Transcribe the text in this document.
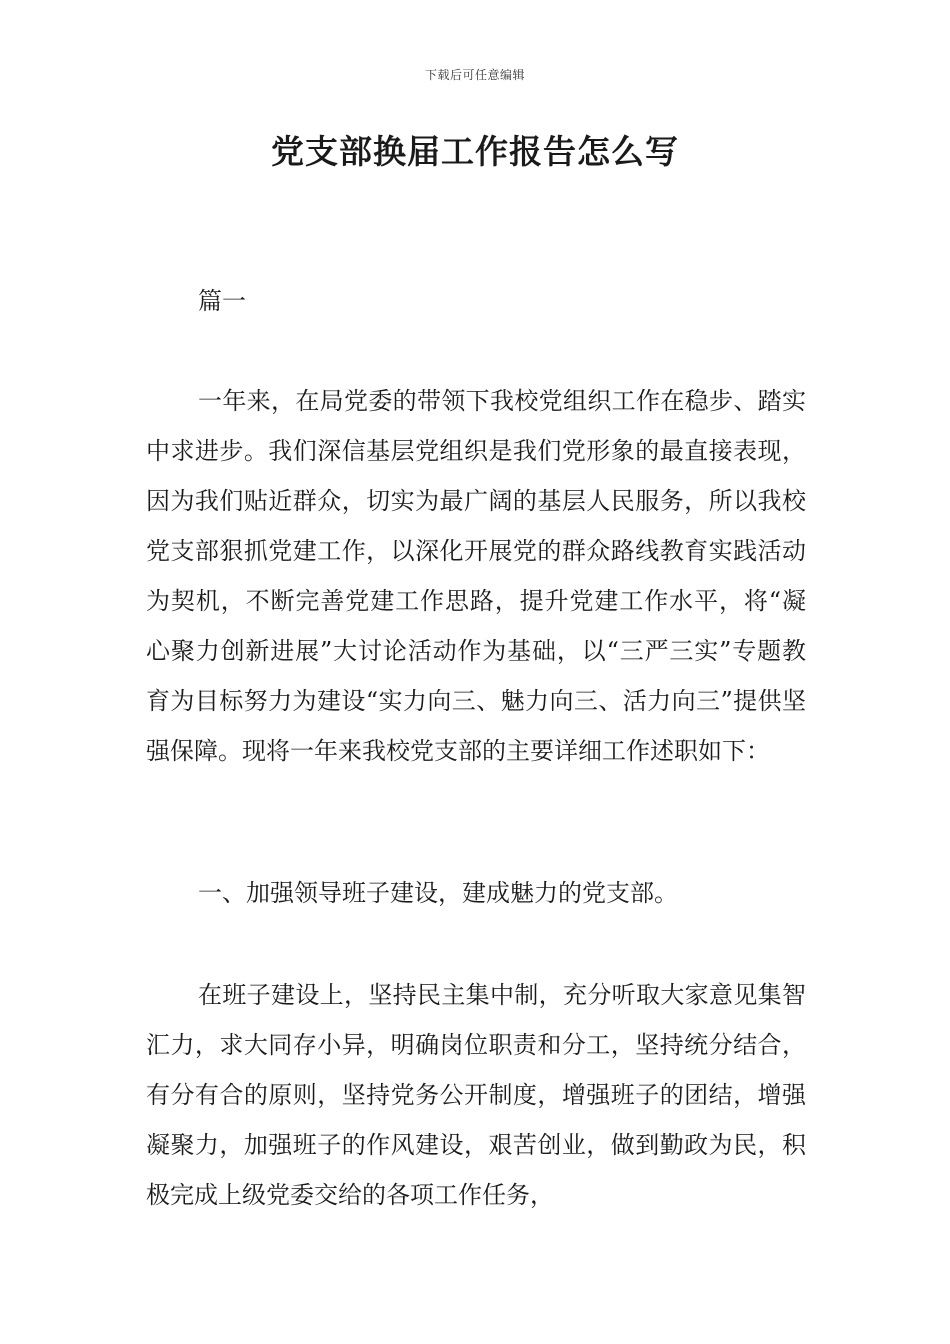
下载后可任意编辑
党支部换届工作报告怎么写

篇一

一年来，在局党委的带领下我校党组织工作在稳步、踏实中求进步。我们深信基层党组织是我们党形象的最直接表现，因为我们贴近群众，切实为最广阔的基层人民服务，所以我校党支部狠抓党建工作，以深化开展党的群众路线教育实践活动为契机，不断完善党建工作思路，提升党建工作水平，将“凝心聚力创新进展”大讨论活动作为基础，以“三严三实”专题教育为目标努力为建设“实力向三、魅力向三、活力向三”提供坚强保障。现将一年来我校党支部的主要详细工作述职如下：

一、加强领导班子建设，建成魅力的党支部。

在班子建设上，坚持民主集中制，充分听取大家意见集智汇力，求大同存小异，明确岗位职责和分工，坚持统分结合，有分有合的原则，坚持党务公开制度，增强班子的团结，增强凝聚力，加强班子的作风建设，艰苦创业，做到勤政为民，积极完成上级党委交给的各项工作任务，
